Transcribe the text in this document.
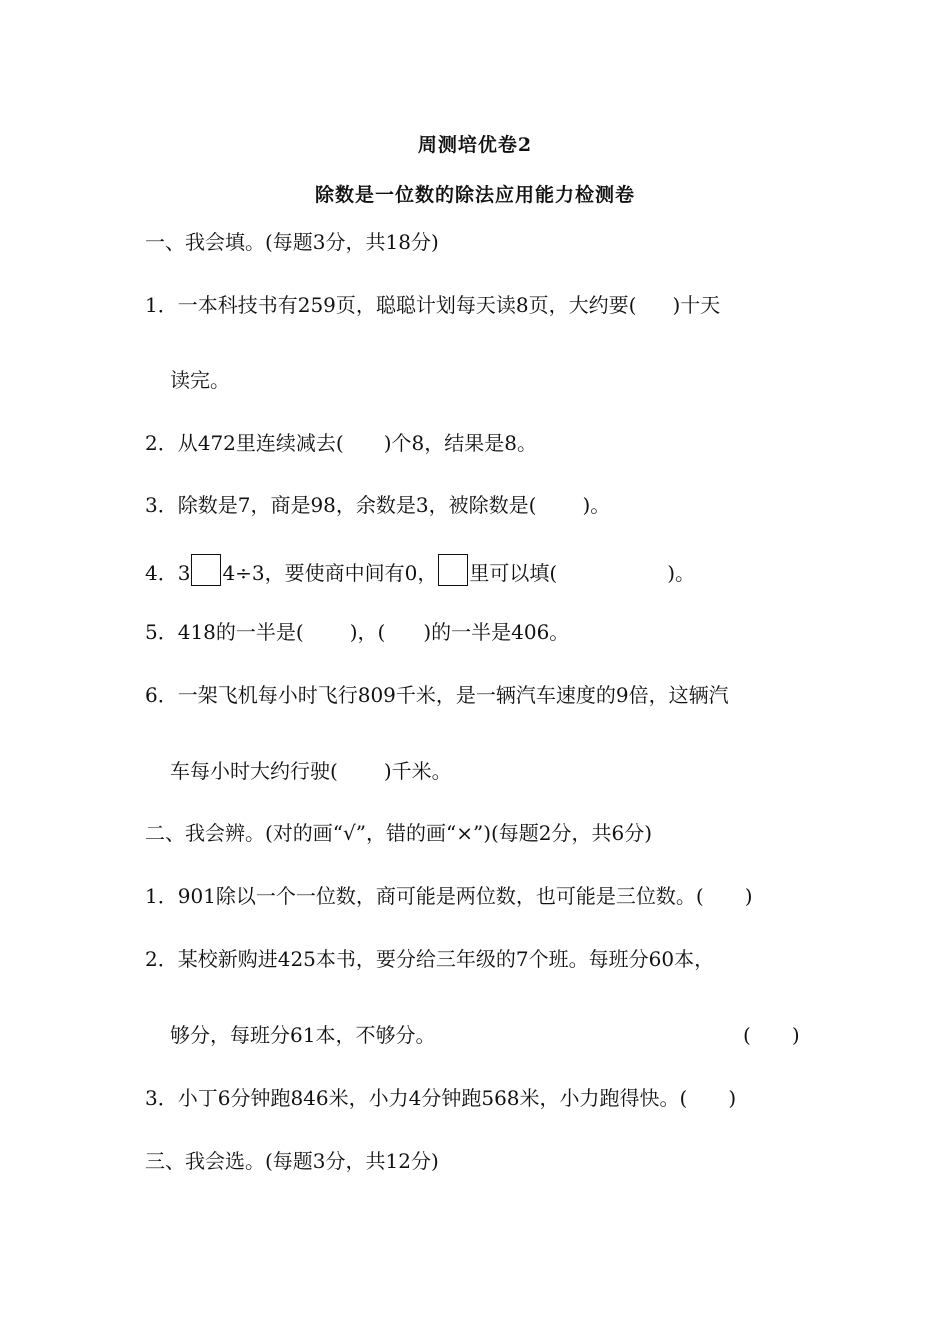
周测培优卷2
除数是一位数的除法应用能力检测卷
一、我会填。(每题3分，共18分)
1．一本科技书有259页，聪聪计划每天读8页，大约要( )十天
读完。
2．从472里连续减去( )个8，结果是8。
3．除数是7，商是98，余数是3，被除数是( )。
4．3 4÷3，要使商中间有0， 里可以填(	)。
5．418的一半是( )，( )的一半是406。
6．一架飞机每小时飞行809千米，是一辆汽车速度的9倍，这辆汽
车每小时大约行驶( )千米。
二、我会辨。(对的画“√”，错的画“×”)(每题2分，共6分)
1．901除以一个一位数，商可能是两位数，也可能是三位数。( )
2．某校新购进425本书，要分给三年级的7个班。每班分60本，
够分，每班分61本，不够分。	( )
3．小丁6分钟跑846米，小力4分钟跑568米，小力跑得快。( )
三、我会选。(每题3分，共12分)
